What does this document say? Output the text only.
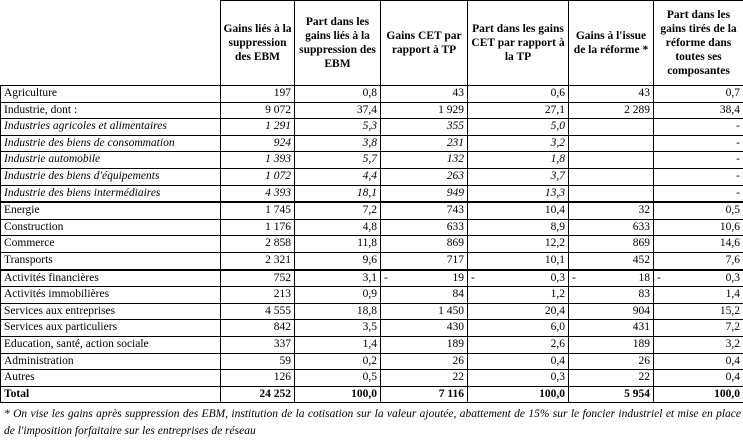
	Gains liés à la suppression des EBM	Part dans les gains liés à la suppression des EBM	Gains CET par rapport à TP	Part dans les gains CET par rapport à la TP	Gains à l'issue de la réforme *	Part dans les gains tirés de la réforme dans toutes ses composantes
Agriculture	197	0,8	43	0,6	43	0,7
Industrie, dont :	9 072	37,4	1 929	27,1	2 289	38,4
Industries agricoles et alimentaires	1 291	5,3	355	5,0		-
Industrie des biens de consommation	924	3,8	231	3,2		-
Industrie automobile	1 393	5,7	132	1,8		-
Industrie des biens d'équipements	1 072	4,4	263	3,7		-
Industrie des biens intermédiaires	4 393	18,1	949	13,3		-
Energie	1 745	7,2	743	10,4	32	0,5
Construction	1 176	4,8	633	8,9	633	10,6
Commerce	2 858	11,8	869	12,2	869	14,6
Transports	2 321	9,6	717	10,1	452	7,6
Activités financières	752	3,1	- 19	- 0,3	- 18	- 0,3
Activités immobilières	213	0,9	84	1,2	83	1,4
Services aux entreprises	4 555	18,8	1 450	20,4	904	15,2
Services aux particuliers	842	3,5	430	6,0	431	7,2
Education, santé, action sociale	337	1,4	189	2,6	189	3,2
Administration	59	0,2	26	0,4	26	0,4
Autres	126	0,5	22	0,3	22	0,4
Total	24 252	100,0	7 116	100,0	5 954	100,0
* On vise les gains après suppression des EBM, institution de la cotisation sur la valeur ajoutée, abattement de 15% sur le foncier industriel et mise en place de l'imposition forfaitaire sur les entreprises de réseau
